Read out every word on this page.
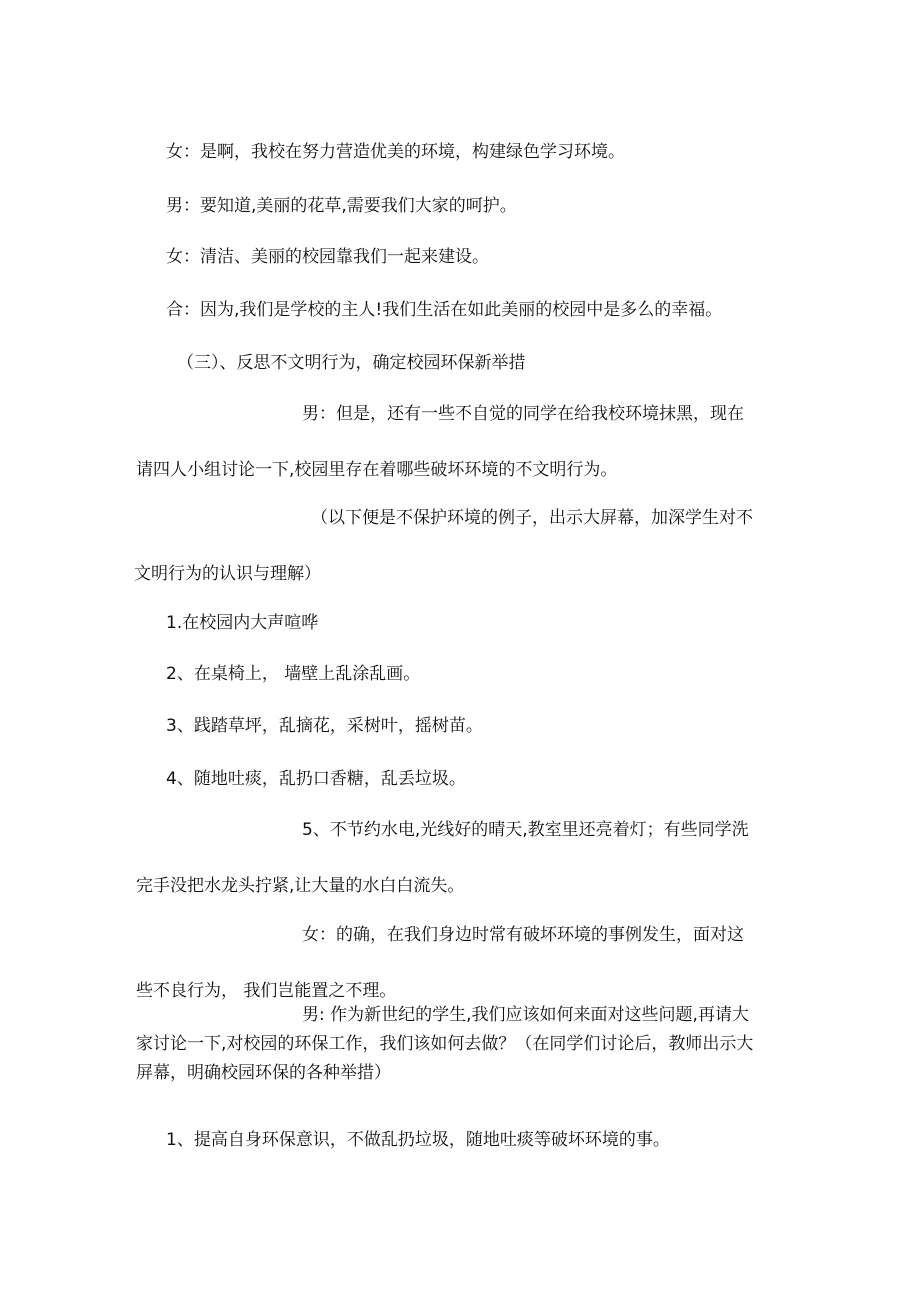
女：是啊，我校在努力营造优美的环境，构建绿色学习环境。

男：要知道,美丽的花草,需要我们大家的呵护。

女：清洁、美丽的校园靠我们一起来建设。

合：因为,我们是学校的主人!我们生活在如此美丽的校园中是多么的幸福。

（三）、反思不文明行为，确定校园环保新举措

男：但是，还有一些不自觉的同学在给我校环境抹黑，现在请四人小组讨论一下,校园里存在着哪些破坏环境的不文明行为。

（以下便是不保护环境的例子，出示大屏幕，加深学生对不文明行为的认识与理解）

1.在校园内大声喧哗

2、在桌椅上， 墙壁上乱涂乱画。

3、践踏草坪，乱摘花，采树叶，摇树苗。

4、随地吐痰，乱扔口香糖，乱丢垃圾。

5、不节约水电,光线好的晴天,教室里还亮着灯；有些同学洗完手没把水龙头拧紧,让大量的水白白流失。

女：的确，在我们身边时常有破坏环境的事例发生，面对这些不良行为， 我们岂能置之不理。

男: 作为新世纪的学生,我们应该如何来面对这些问题,再请大家讨论一下,对校园的环保工作，我们该如何去做？（在同学们讨论后，教师出示大屏幕，明确校园环保的各种举措）

1、提高自身环保意识，不做乱扔垃圾，随地吐痰等破坏环境的事。
